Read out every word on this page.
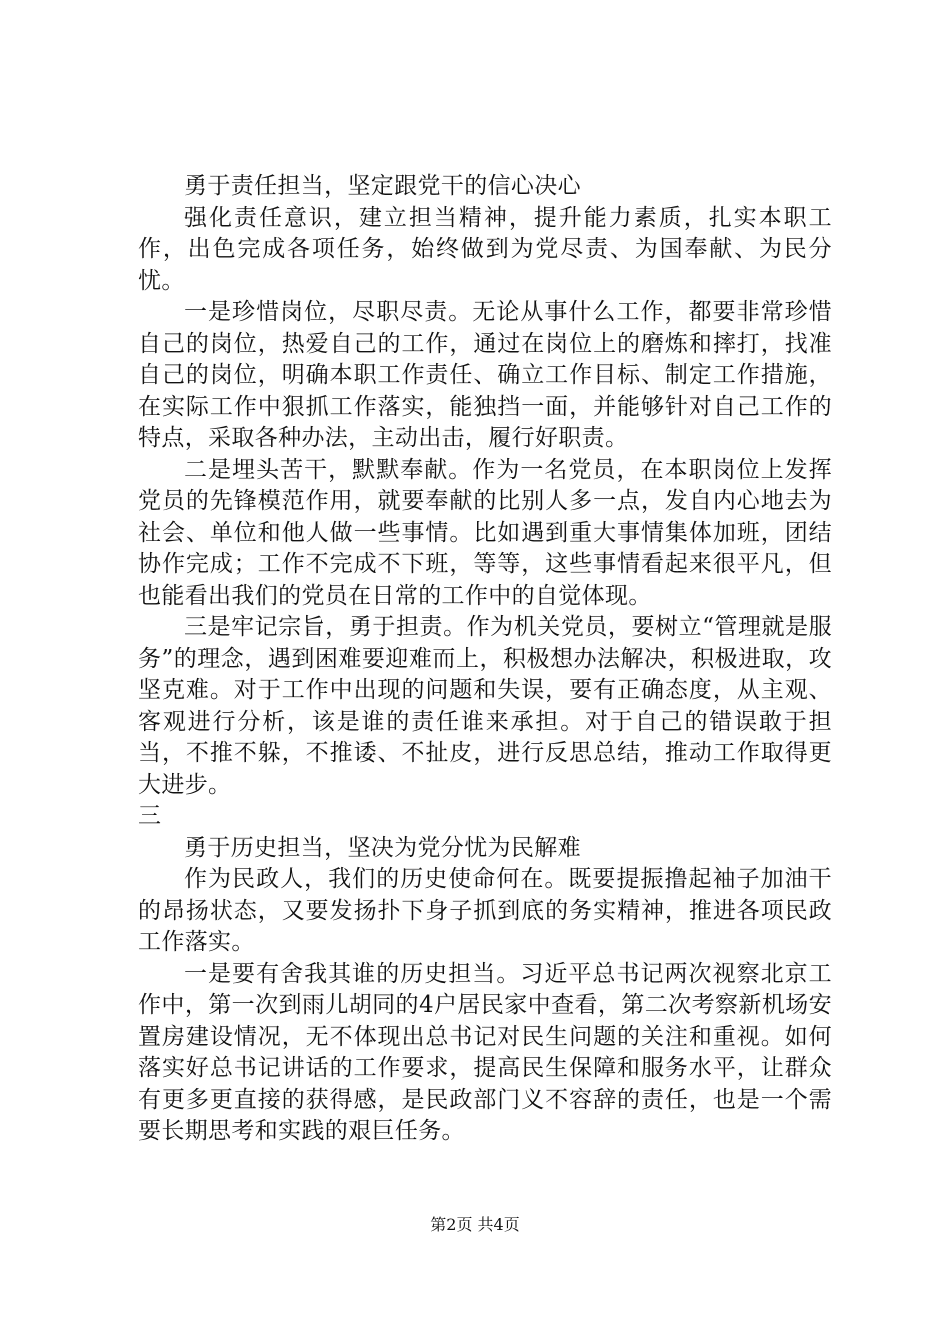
勇于责任担当，坚定跟党干的信心决心

强化责任意识，建立担当精神，提升能力素质，扎实本职工作，出色完成各项任务，始终做到为党尽责、为国奉献、为民分忧。

一是珍惜岗位，尽职尽责。无论从事什么工作，都要非常珍惜自己的岗位，热爱自己的工作，通过在岗位上的磨炼和摔打，找准自己的岗位，明确本职工作责任、确立工作目标、制定工作措施，在实际工作中狠抓工作落实，能独挡一面，并能够针对自己工作的特点，采取各种办法，主动出击，履行好职责。

二是埋头苦干，默默奉献。作为一名党员，在本职岗位上发挥党员的先锋模范作用，就要奉献的比别人多一点，发自内心地去为社会、单位和他人做一些事情。比如遇到重大事情集体加班，团结协作完成；工作不完成不下班，等等，这些事情看起来很平凡，但也能看出我们的党员在日常的工作中的自觉体现。

三是牢记宗旨，勇于担责。作为机关党员，要树立“管理就是服务”的理念，遇到困难要迎难而上，积极想办法解决，积极进取，攻坚克难。对于工作中出现的问题和失误，要有正确态度，从主观、客观进行分析，该是谁的责任谁来承担。对于自己的错误敢于担当，不推不躲，不推诿、不扯皮，进行反思总结，推动工作取得更大进步。

三

勇于历史担当，坚决为党分忧为民解难

作为民政人，我们的历史使命何在。既要提振撸起袖子加油干的昂扬状态，又要发扬扑下身子抓到底的务实精神，推进各项民政工作落实。

一是要有舍我其谁的历史担当。习近平总书记两次视察北京工作中，第一次到雨儿胡同的4户居民家中查看，第二次考察新机场安置房建设情况，无不体现出总书记对民生问题的关注和重视。如何落实好总书记讲话的工作要求，提高民生保障和服务水平，让群众有更多更直接的获得感，是民政部门义不容辞的责任，也是一个需要长期思考和实践的艰巨任务。

第2页 共4页
